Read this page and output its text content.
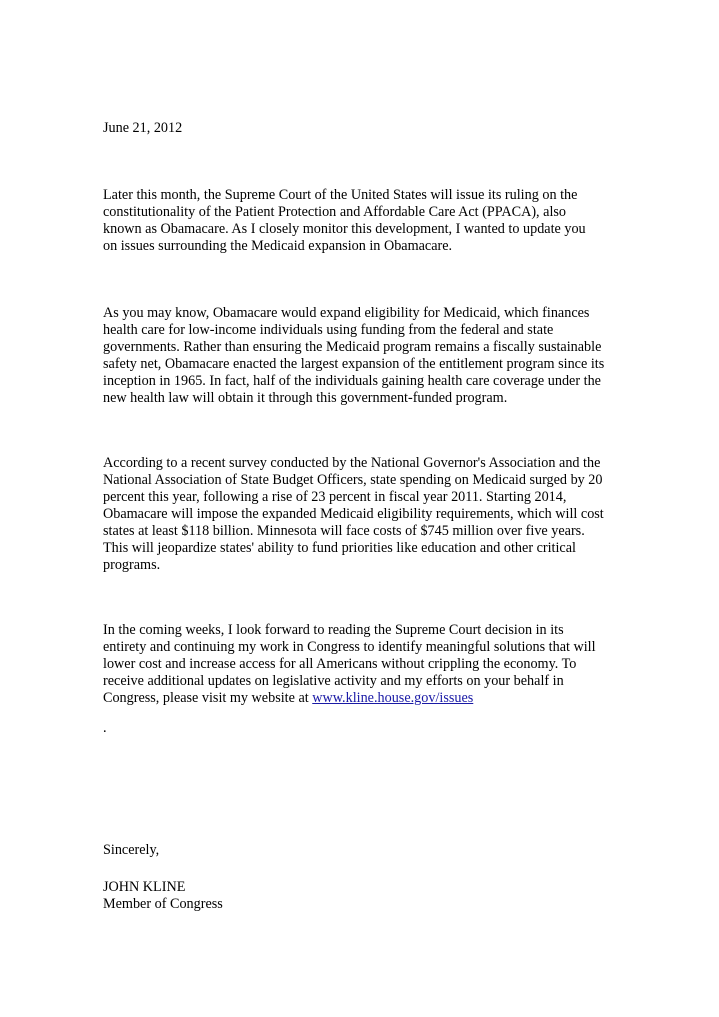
June 21, 2012
Later this month, the Supreme Court of the United States will issue its ruling on the
constitutionality of the Patient Protection and Affordable Care Act (PPACA), also
known as Obamacare. As I closely monitor this development, I wanted to update you
on issues surrounding the Medicaid expansion in Obamacare.
As you may know, Obamacare would expand eligibility for Medicaid, which finances
health care for low-income individuals using funding from the federal and state
governments. Rather than ensuring the Medicaid program remains a fiscally sustainable
safety net, Obamacare enacted the largest expansion of the entitlement program since its
inception in 1965. In fact, half of the individuals gaining health care coverage under the
new health law will obtain it through this government-funded program.
According to a recent survey conducted by the National Governor's Association and the
National Association of State Budget Officers, state spending on Medicaid surged by 20
percent this year, following a rise of 23 percent in fiscal year 2011. Starting 2014,
Obamacare will impose the expanded Medicaid eligibility requirements, which will cost
states at least $118 billion. Minnesota will face costs of $745 million over five years.
This will jeopardize states' ability to fund priorities like education and other critical
programs.
In the coming weeks, I look forward to reading the Supreme Court decision in its
entirety and continuing my work in Congress to identify meaningful solutions that will
lower cost and increase access for all Americans without crippling the economy. To
receive additional updates on legislative activity and my efforts on your behalf in
Congress, please visit my website at www.kline.house.gov/issues
.
Sincerely,
JOHN KLINE
Member of Congress
